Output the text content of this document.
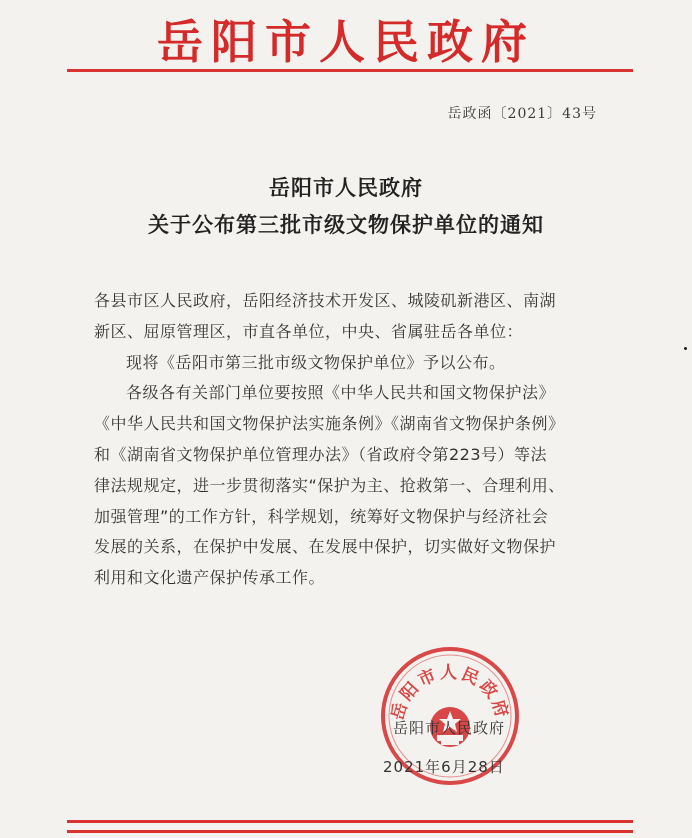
岳阳市人民政府
岳政函〔2021〕43号
岳阳市人民政府
关于公布第三批市级文物保护单位的通知
各县市区人民政府，岳阳经济技术开发区、城陵矶新港区、南湖
新区、屈原管理区，市直各单位，中央、省属驻岳各单位：
现将《岳阳市第三批市级文物保护单位》予以公布。
各级各有关部门单位要按照《中华人民共和国文物保护法》
《中华人民共和国文物保护法实施条例》《湖南省文物保护条例》
和《湖南省文物保护单位管理办法》（省政府令第223号）等法
律法规规定，进一步贯彻落实“保护为主、抢救第一、合理利用、
加强管理”的工作方针，科学规划，统筹好文物保护与经济社会
发展的关系，在保护中发展、在发展中保护，切实做好文物保护
利用和文化遗产保护传承工作。
岳阳市人民政府
岳阳市人民政府
2021年6月28日
